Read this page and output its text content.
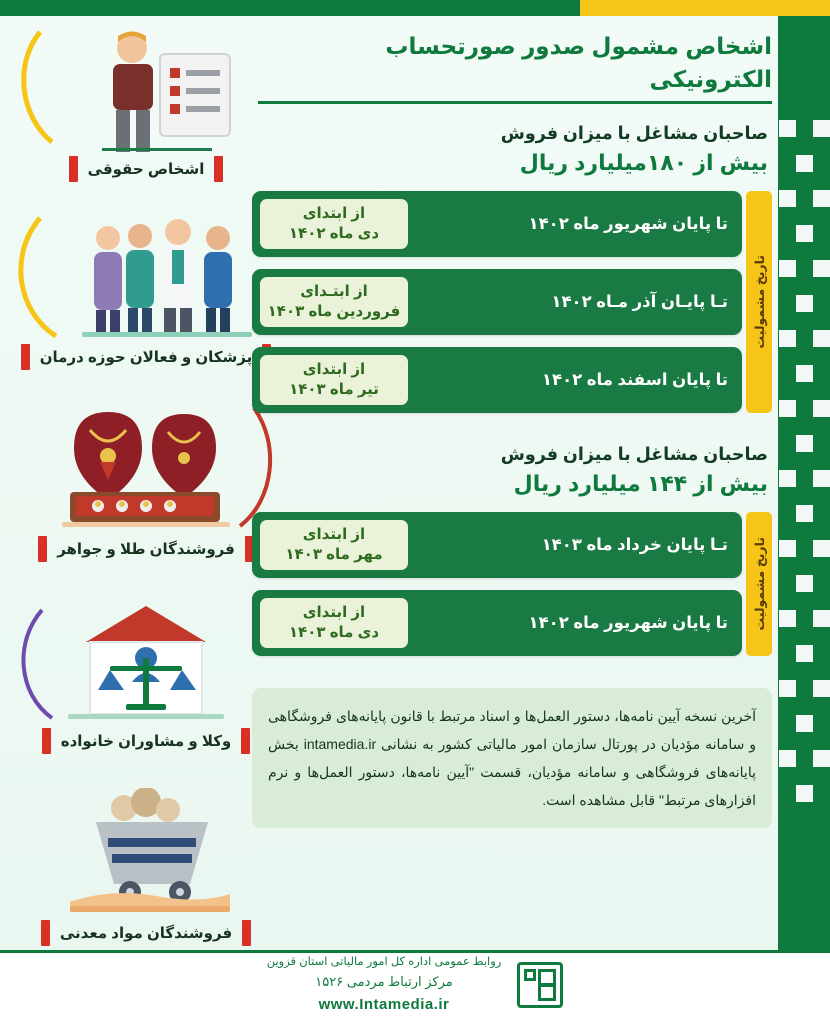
اشخاص حقوقی
پزشکان و فعالان حوزه درمان
فروشندگان طلا و جواهر
وکلا و مشاوران خانواده
فروشندگان مواد معدنی
اشخاص مشمول صدور صورتحساب الکترونیکی
صاحبان مشاغل با میزان فروش
بیش از ۱۸۰میلیارد ریال
تاریخ مشمولیت
تا پایان شهریور ماه ۱۴۰۲
از ابتدای
دی ماه ۱۴۰۲
تـا پایـان آذر مـاه ۱۴۰۲
از ابتـدای
فروردین ماه ۱۴۰۳
تا پایان اسفند ماه ۱۴۰۲
از ابتدای
تیر ماه ۱۴۰۳
صاحبان مشاغل با میزان فروش
بیش از ۱۴۴ میلیارد ریال
تاریخ مشمولیت
تـا پایان خرداد ماه ۱۴۰۳
از ابتدای
مهر ماه ۱۴۰۳
تا پایان شهریور ماه ۱۴۰۲
از ابتدای
دی ماه ۱۴۰۳
آخرین نسخه آیین نامه‌ها، دستور العمل‌ها و اسناد مرتبط با قانون پایانه‌های فروشگاهی و سامانه مؤدیان در پورتال سازمان امور مالیاتی کشور به نشانی intamedia.ir بخش پایانه‌های فروشگاهی و سامانه مؤدیان، قسمت "آیین نامه‌ها، دستور العمل‌ها و نرم افزارهای مرتبط" قابل مشاهده است.
روابط عمومی اداره کل امور مالیاتی استان قزوین
مرکز ارتباط مردمی ۱۵۲۶
www.Intamedia.ir
